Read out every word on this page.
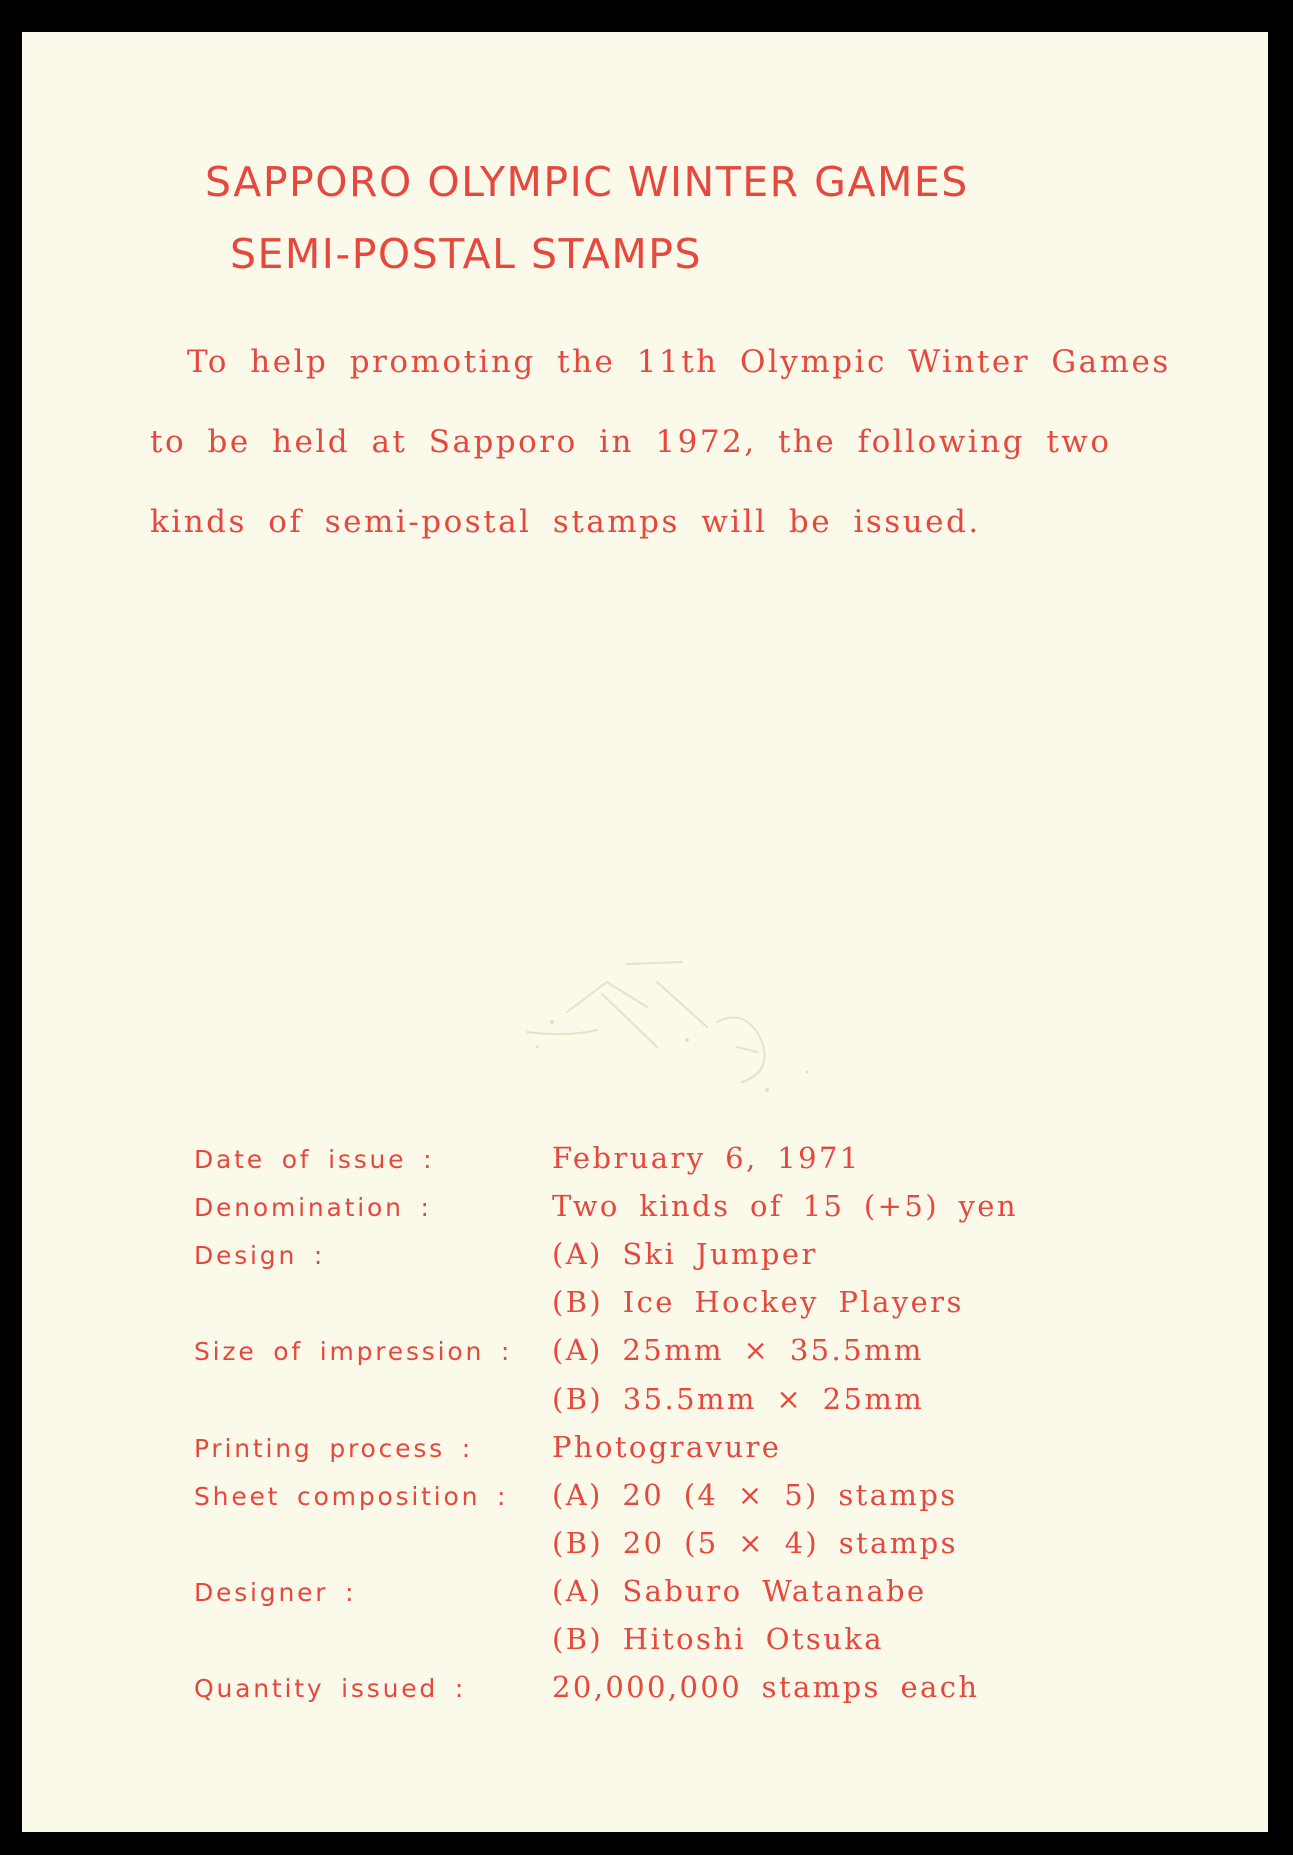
SAPPORO OLYMPIC WINTER GAMES
SEMI-POSTAL STAMPS
To help promoting the 11th Olympic Winter Games
to be held at Sapporo in 1972, the following two
kinds of semi-postal stamps will be issued.
Date of issue :	February 6, 1971
Denomination :	Two kinds of 15 (+5) yen
Design :	(A) Ski Jumper
(B) Ice Hockey Players
Size of impression : (A) 25mm × 35.5mm
(B) 35.5mm × 25mm
Printing process :	Photogravure
Sheet composition : (A) 20 (4 × 5) stamps
(B) 20 (5 × 4) stamps
Designer :	(A) Saburo Watanabe
(B) Hitoshi Otsuka
Quantity issued :	20,000,000 stamps each
